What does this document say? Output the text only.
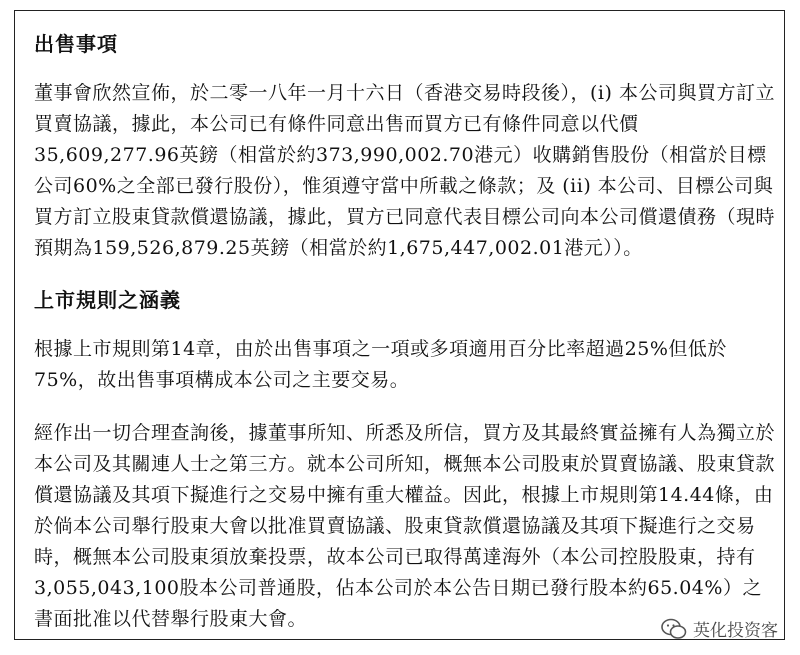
出售事項

董事會欣然宣佈，於二零一八年一月十六日（香港交易時段後），(i) 本公司與買方訂立買賣協議，據此，本公司已有條件同意出售而買方已有條件同意以代價35,609,277.96英鎊（相當於約373,990,002.70港元）收購銷售股份（相當於目標公司60%之全部已發行股份），惟須遵守當中所載之條款；及 (ii) 本公司、目標公司與買方訂立股東貸款償還協議，據此，買方已同意代表目標公司向本公司償還債務（現時預期為159,526,879.25英鎊（相當於約1,675,447,002.01港元））。

上市規則之涵義

根據上市規則第14章，由於出售事項之一項或多項適用百分比率超過25%但低於75%，故出售事項構成本公司之主要交易。

經作出一切合理查詢後，據董事所知、所悉及所信，買方及其最終實益擁有人為獨立於本公司及其關連人士之第三方。就本公司所知，概無本公司股東於買賣協議、股東貸款償還協議及其項下擬進行之交易中擁有重大權益。因此，根據上市規則第14.44條，由於倘本公司舉行股東大會以批准買賣協議、股東貸款償還協議及其項下擬進行之交易時，概無本公司股東須放棄投票，故本公司已取得萬達海外（本公司控股股東，持有3,055,043,100股本公司普通股，佔本公司於本公告日期已發行股本約65.04%）之書面批准以代替舉行股東大會。

英化投资客
